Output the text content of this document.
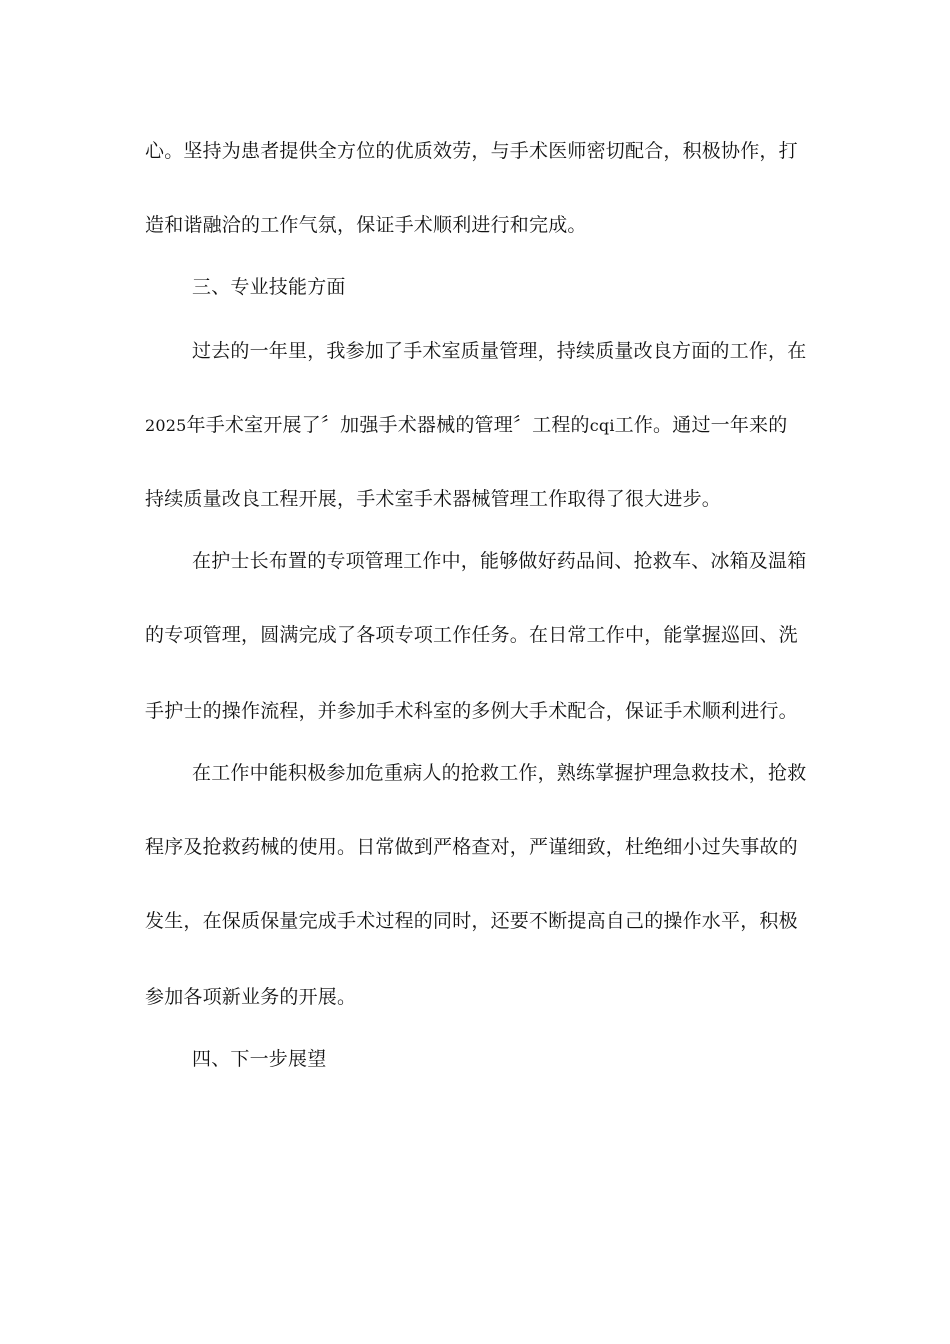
心。坚持为患者提供全方位的优质效劳，与手术医师密切配合，积极协作，打
造和谐融洽的工作气氛，保证手术顺利进行和完成。
三、专业技能方面
过去的一年里，我参加了手术室质量管理，持续质量改良方面的工作，在
2025年手术室开展了〞加强手术器械的管理〞工程的cqi工作。通过一年来的
持续质量改良工程开展，手术室手术器械管理工作取得了很大进步。
在护士长布置的专项管理工作中，能够做好药品间、抢救车、冰箱及温箱
的专项管理，圆满完成了各项专项工作任务。在日常工作中，能掌握巡回、洗
手护士的操作流程，并参加手术科室的多例大手术配合，保证手术顺利进行。
在工作中能积极参加危重病人的抢救工作，熟练掌握护理急救技术，抢救
程序及抢救药械的使用。日常做到严格查对，严谨细致，杜绝细小过失事故的
发生，在保质保量完成手术过程的同时，还要不断提高自己的操作水平，积极
参加各项新业务的开展。
四、下一步展望
